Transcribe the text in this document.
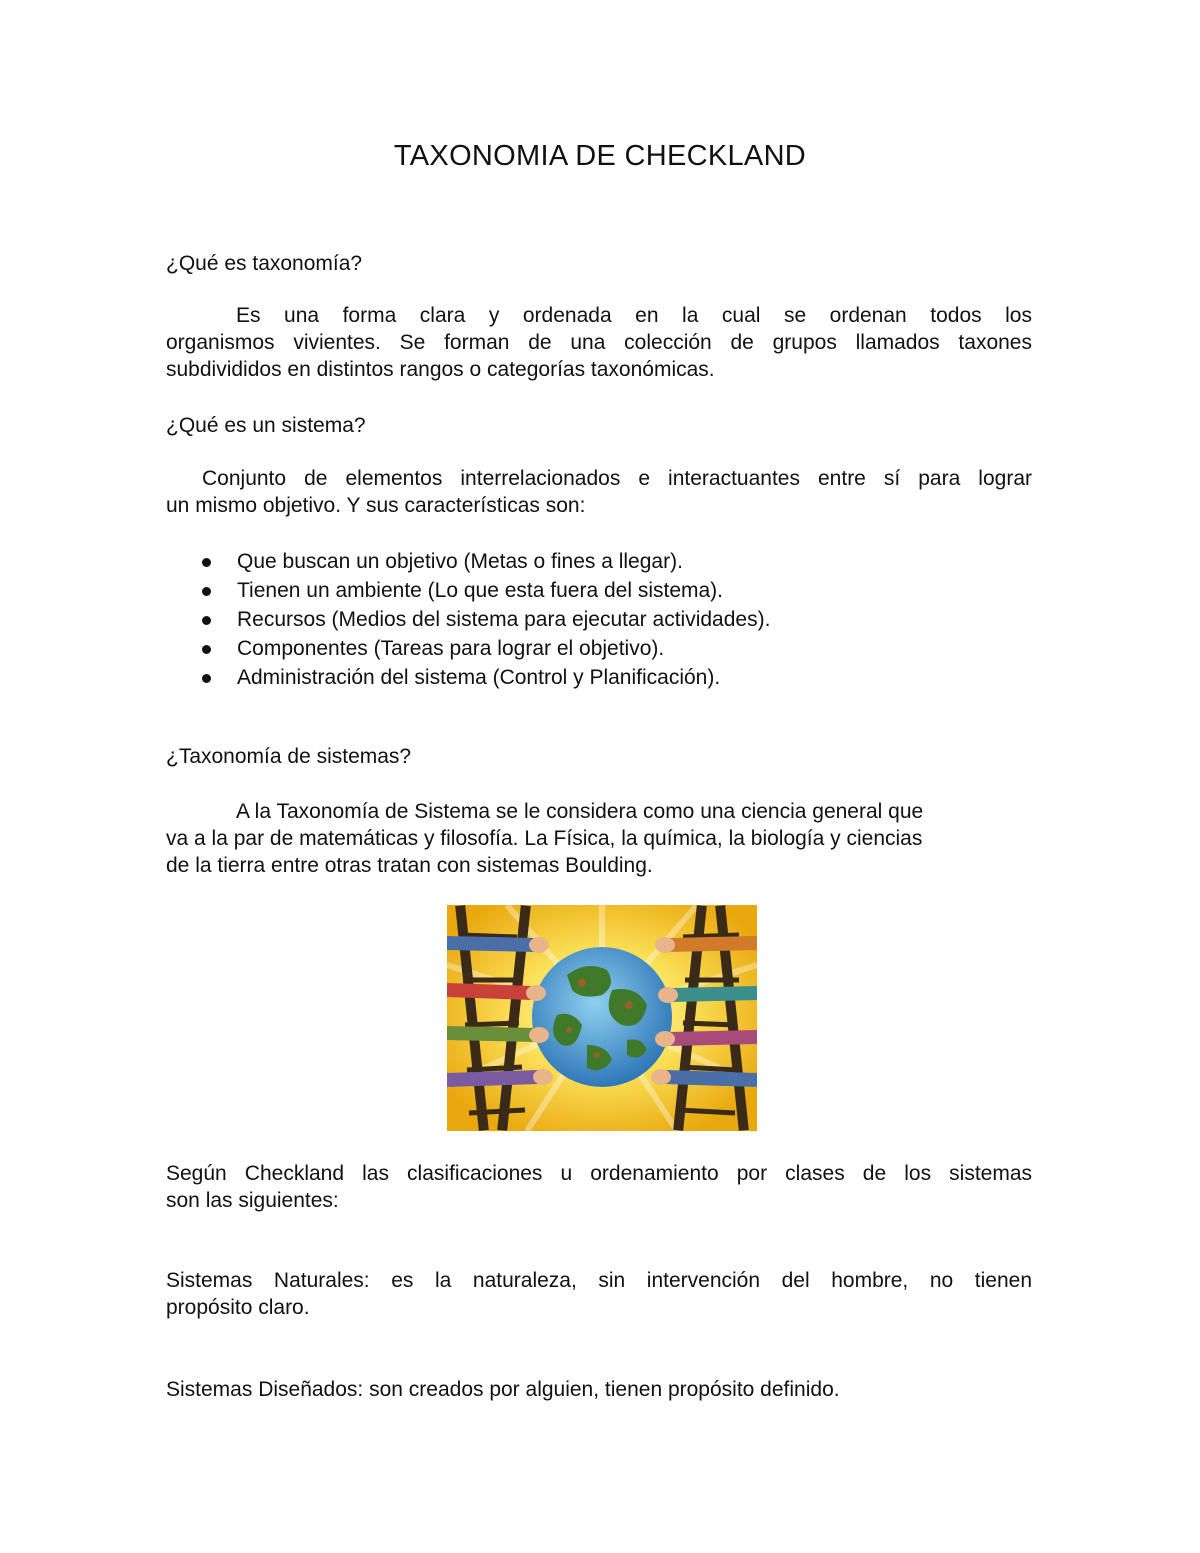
TAXONOMIA DE CHECKLAND
¿Qué es taxonomía?
Es una forma clara y ordenada en la cual se ordenan todos los
organismos vivientes. Se forman de una colección de grupos llamados taxones
subdivididos en distintos rangos o categorías taxonómicas.
¿Qué es un sistema?
Conjunto de elementos interrelacionados e interactuantes entre sí para lograr
un mismo objetivo. Y sus características son:
Que buscan un objetivo (Metas o fines a llegar).
Tienen un ambiente (Lo que esta fuera del sistema).
Recursos (Medios del sistema para ejecutar actividades).
Componentes (Tareas para lograr el objetivo).
Administración del sistema (Control y Planificación).
¿Taxonomía de sistemas?
A la Taxonomía de Sistema se le considera como una ciencia general que
va a la par de matemáticas y filosofía. La Física, la química, la biología y ciencias
de la tierra entre otras tratan con sistemas Boulding.
Según Checkland las clasificaciones u ordenamiento por clases de los sistemas
son las siguientes:
Sistemas Naturales: es la naturaleza, sin intervención del hombre, no tienen
propósito claro.
Sistemas Diseñados: son creados por alguien, tienen propósito definido.
